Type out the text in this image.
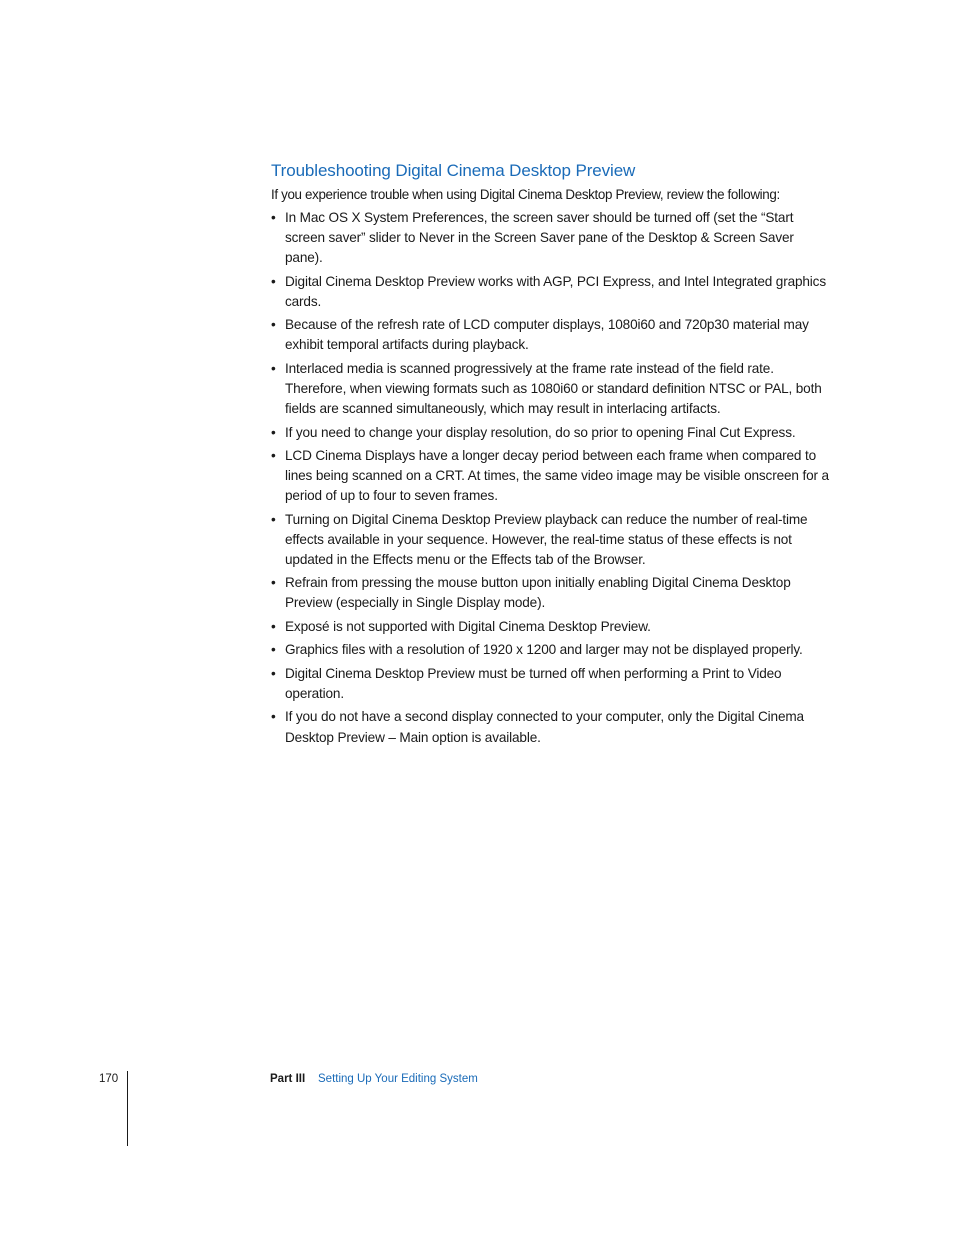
Troubleshooting Digital Cinema Desktop Preview

If you experience trouble when using Digital Cinema Desktop Preview, review the following:

• In Mac OS X System Preferences, the screen saver should be turned off (set the “Start screen saver” slider to Never in the Screen Saver pane of the Desktop & Screen Saver pane).
• Digital Cinema Desktop Preview works with AGP, PCI Express, and Intel Integrated graphics cards.
• Because of the refresh rate of LCD computer displays, 1080i60 and 720p30 material may exhibit temporal artifacts during playback.
• Interlaced media is scanned progressively at the frame rate instead of the field rate. Therefore, when viewing formats such as 1080i60 or standard definition NTSC or PAL, both fields are scanned simultaneously, which may result in interlacing artifacts.
• If you need to change your display resolution, do so prior to opening Final Cut Express.
• LCD Cinema Displays have a longer decay period between each frame when compared to lines being scanned on a CRT. At times, the same video image may be visible onscreen for a period of up to four to seven frames.
• Turning on Digital Cinema Desktop Preview playback can reduce the number of real-time effects available in your sequence. However, the real-time status of these effects is not updated in the Effects menu or the Effects tab of the Browser.
• Refrain from pressing the mouse button upon initially enabling Digital Cinema Desktop Preview (especially in Single Display mode).
• Exposé is not supported with Digital Cinema Desktop Preview.
• Graphics files with a resolution of 1920 x 1200 and larger may not be displayed properly.
• Digital Cinema Desktop Preview must be turned off when performing a Print to Video operation.
• If you do not have a second display connected to your computer, only the Digital Cinema Desktop Preview – Main option is available.
170	Part III Setting Up Your Editing System
